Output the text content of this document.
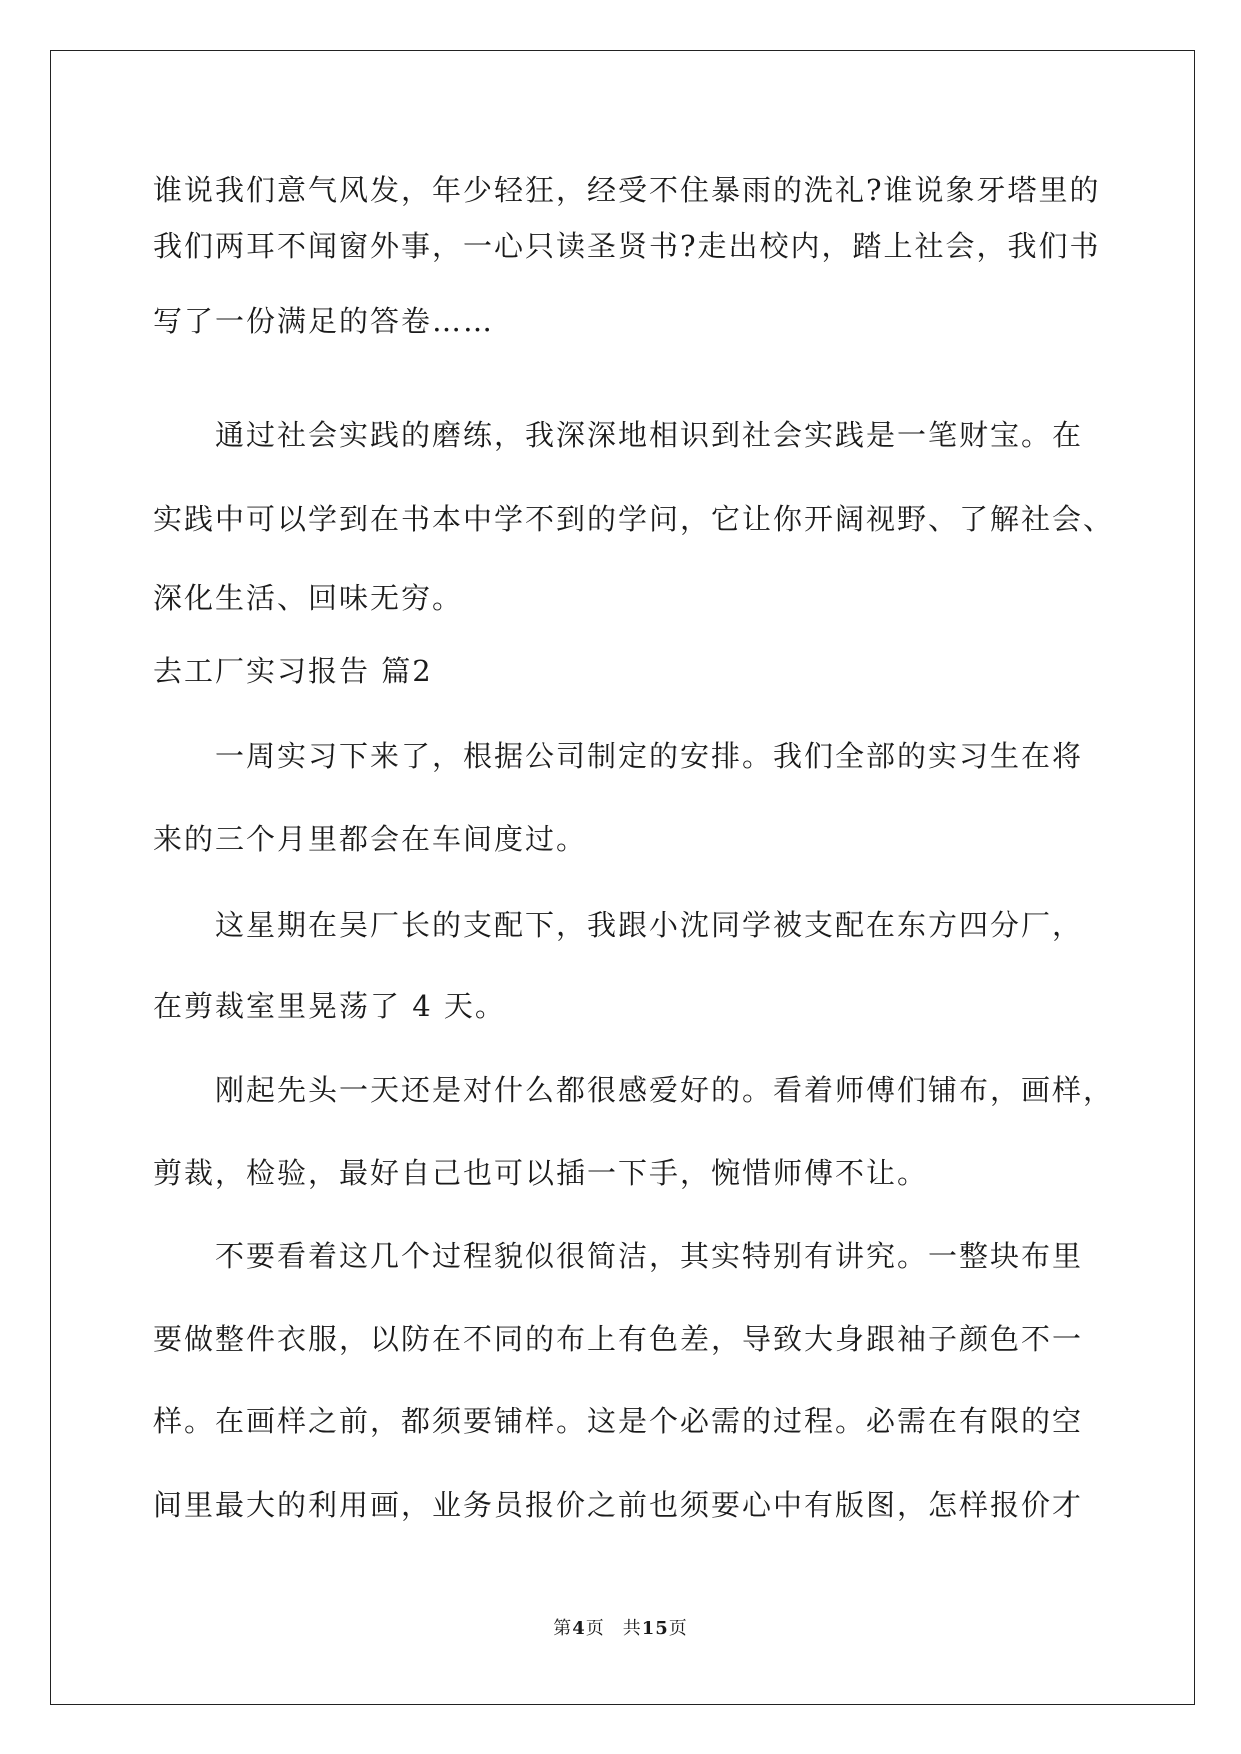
谁说我们意气风发，年少轻狂，经受不住暴雨的洗礼?谁说象牙塔里的
我们两耳不闻窗外事，一心只读圣贤书?走出校内，踏上社会，我们书
写了一份满足的答卷……
通过社会实践的磨练，我深深地相识到社会实践是一笔财宝。在
实践中可以学到在书本中学不到的学问，它让你开阔视野、了解社会、
深化生活、回味无穷。
去工厂实习报告 篇2
一周实习下来了，根据公司制定的安排。我们全部的实习生在将
来的三个月里都会在车间度过。
这星期在吴厂长的支配下，我跟小沈同学被支配在东方四分厂，
在剪裁室里晃荡了 4 天。
刚起先头一天还是对什么都很感爱好的。看着师傅们铺布，画样，
剪裁，检验，最好自己也可以插一下手，惋惜师傅不让。
不要看着这几个过程貌似很简洁，其实特别有讲究。一整块布里
要做整件衣服，以防在不同的布上有色差，导致大身跟袖子颜色不一
样。在画样之前，都须要铺样。这是个必需的过程。必需在有限的空
间里最大的利用画，业务员报价之前也须要心中有版图，怎样报价才
第4页 共15页
